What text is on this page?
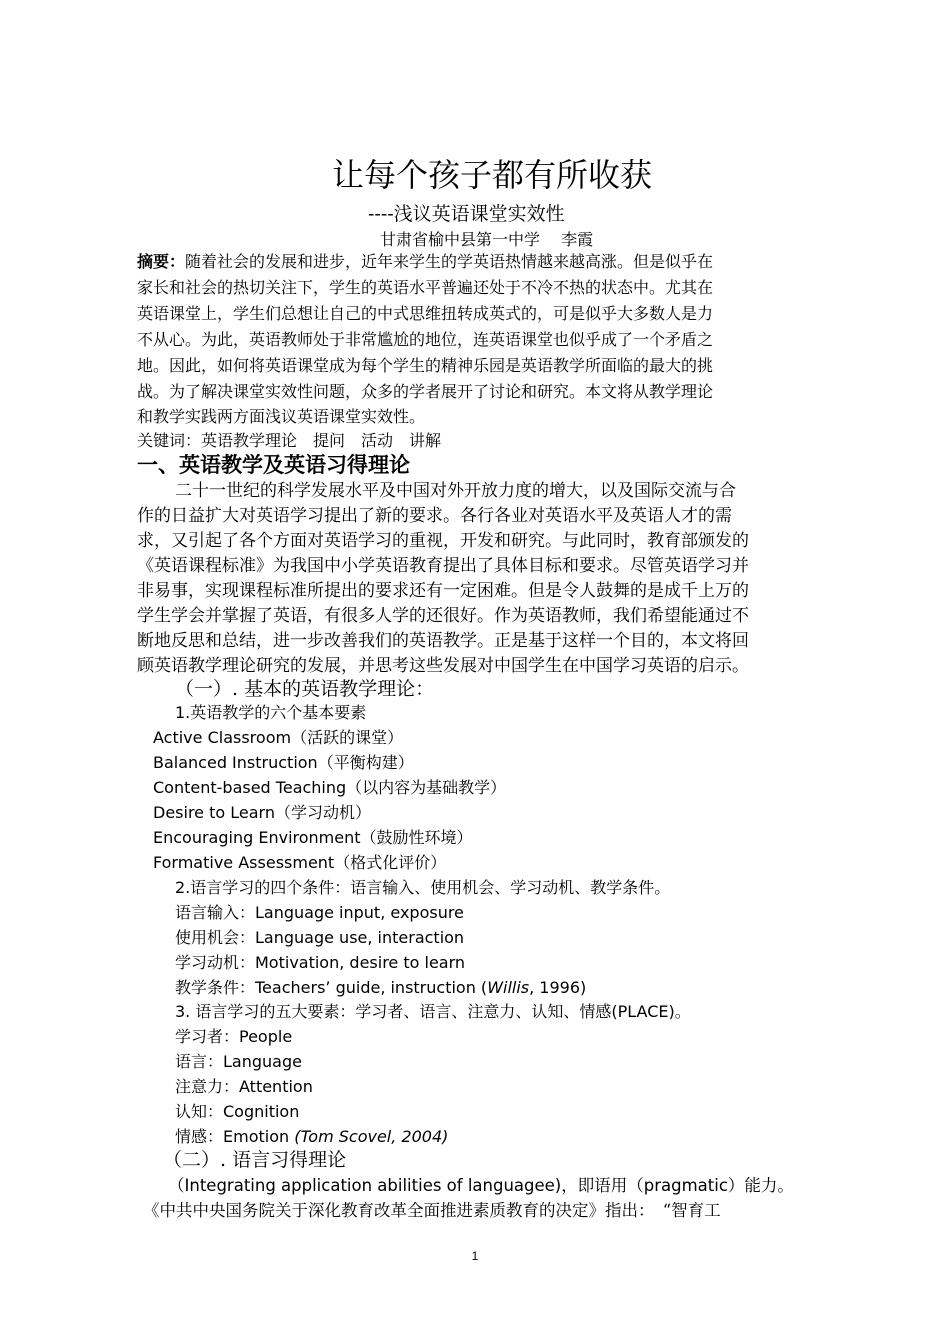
让每个孩子都有所收获
----浅议英语课堂实效性
甘肃省榆中县第一中学　 李霞
摘要：随着社会的发展和进步，近年来学生的学英语热情越来越高涨。但是似乎在
家长和社会的热切关注下，学生的英语水平普遍还处于不冷不热的状态中。尤其在
英语课堂上，学生们总想让自己的中式思维扭转成英式的，可是似乎大多数人是力
不从心。为此，英语教师处于非常尴尬的地位，连英语课堂也似乎成了一个矛盾之
地。因此，如何将英语课堂成为每个学生的精神乐园是英语教学所面临的最大的挑
战。为了解决课堂实效性问题，众多的学者展开了讨论和研究。本文将从教学理论
和教学实践两方面浅议英语课堂实效性。
关键词：英语教学理论　提问　活动　讲解
一、英语教学及英语习得理论
二十一世纪的科学发展水平及中国对外开放力度的增大，以及国际交流与合
作的日益扩大对英语学习提出了新的要求。各行各业对英语水平及英语人才的需
求，又引起了各个方面对英语学习的重视，开发和研究。与此同时，教育部颁发的
《英语课程标准》为我国中小学英语教育提出了具体目标和要求。尽管英语学习并
非易事，实现课程标准所提出的要求还有一定困难。但是令人鼓舞的是成千上万的
学生学会并掌握了英语，有很多人学的还很好。作为英语教师，我们希望能通过不
断地反思和总结，进一步改善我们的英语教学。正是基于这样一个目的，本文将回
顾英语教学理论研究的发展，并思考这些发展对中国学生在中国学习英语的启示。
（一）. 基本的英语教学理论：
1.英语教学的六个基本要素
Active Classroom（活跃的课堂）
Balanced Instruction（平衡构建）
Content-based Teaching（以内容为基础教学）
Desire to Learn（学习动机）
Encouraging Environment（鼓励性环境）
Formative Assessment（格式化评价）
2.语言学习的四个条件：语言输入、使用机会、学习动机、教学条件。
语言输入：Language input, exposure
使用机会：Language use, interaction
学习动机：Motivation, desire to learn
教学条件：Teachers’ guide, instruction (Willis, 1996)
3. 语言学习的五大要素：学习者、语言、注意力、认知、情感(PLACE)。
学习者：People
语言：Language
注意力：Attention
认知：Cognition
情感：Emotion (Tom Scovel, 2004)
（二）. 语言习得理论
（Integrating application abilities of languagee)，即语用（pragmatic）能力。
《中共中央国务院关于深化教育改革全面推进素质教育的决定》指出：　“智育工
1
